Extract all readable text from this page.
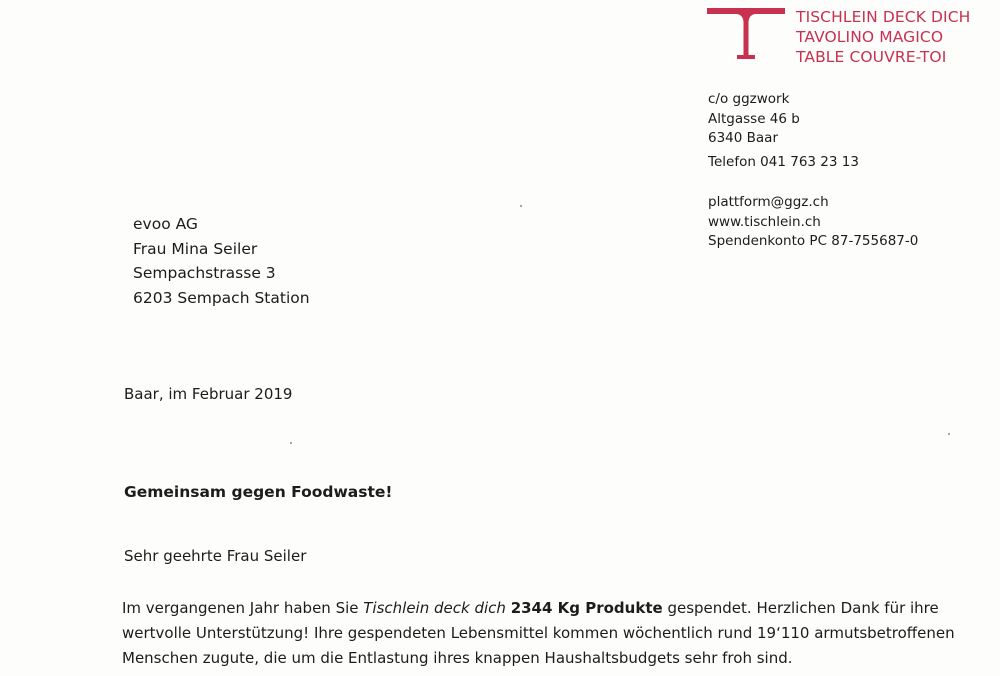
TISCHLEIN DECK DICH
TAVOLINO MAGICO
TABLE COUVRE-TOI
c/o ggzwork
Altgasse 46 b
6340 Baar
Telefon 041 763 23 13
plattform@ggz.ch
www.tischlein.ch
Spendenkonto PC 87-755687-0
evoo AG
Frau Mina Seiler
Sempachstrasse 3
6203 Sempach Station
Baar, im Februar 2019
Gemeinsam gegen Foodwaste!
Sehr geehrte Frau Seiler
Im vergangenen Jahr haben Sie Tischlein deck dich 2344 Kg Produkte gespendet. Herzlichen Dank für ihre
wertvolle Unterstützung! Ihre gespendeten Lebensmittel kommen wöchentlich rund 19‘110 armutsbetroffenen
Menschen zugute, die um die Entlastung ihres knappen Haushaltsbudgets sehr froh sind.
